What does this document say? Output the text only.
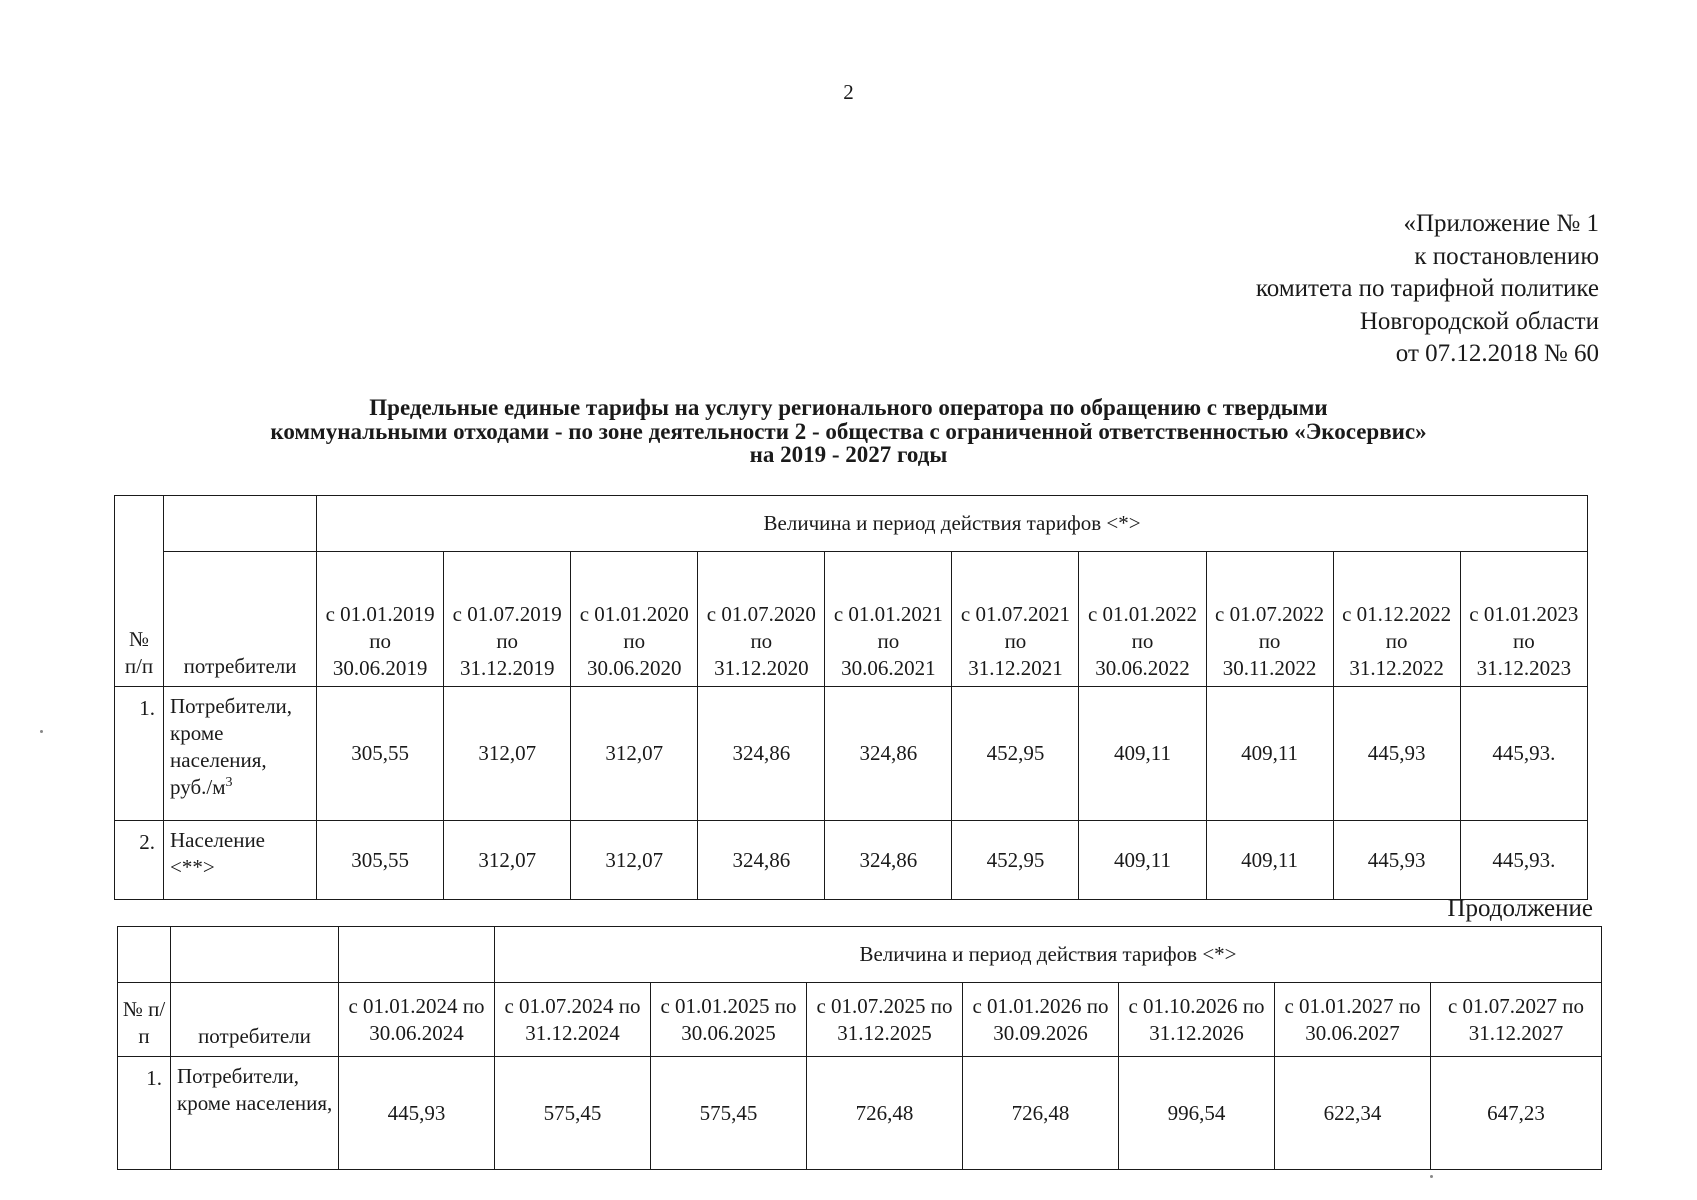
2
«Приложение № 1
к постановлению
комитета по тарифной политике
Новгородской области
от 07.12.2018 № 60
Предельные единые тарифы на услугу регионального оператора по обращению с твердыми
коммунальными отходами - по зоне деятельности 2 - общества с ограниченной ответственностью «Экосервис»
на 2019 - 2027 годы
№ п/п		Величина и период действия тарифов <*>									
	потребители	с 01.01.2019 по 30.06.2019	с 01.07.2019 по 31.12.2019	с 01.01.2020 по 30.06.2020	с 01.07.2020 по 31.12.2020	с 01.01.2021 по 30.06.2021	с 01.07.2021 по 31.12.2021	с 01.01.2022 по 30.06.2022	с 01.07.2022 по 30.11.2022	с 01.12.2022 по 31.12.2022	с 01.01.2023 по 31.12.2023
1.	Потребители, кроме населения, $руб./м^3$	305,55	312,07	312,07	324,86	324,86	452,95	409,11	409,11	445,93	445,93.
2.	Население <**>	305,55	312,07	312,07	324,86	324,86	452,95	409,11	409,11	445,93	445,93.
Продолжение
			Величина и период действия тарифов <*>						
№ п/п	потребители	с 01.01.2024 по 30.06.2024	с 01.07.2024 по 31.12.2024	с 01.01.2025 по 30.06.2025	с 01.07.2025 по 31.12.2025	с 01.01.2026 по 30.09.2026	с 01.10.2026 по 31.12.2026	с 01.01.2027 по 30.06.2027	с 01.07.2027 по 31.12.2027
1.	Потребители, кроме населения,	445,93	575,45	575,45	726,48	726,48	996,54	622,34	647,23
